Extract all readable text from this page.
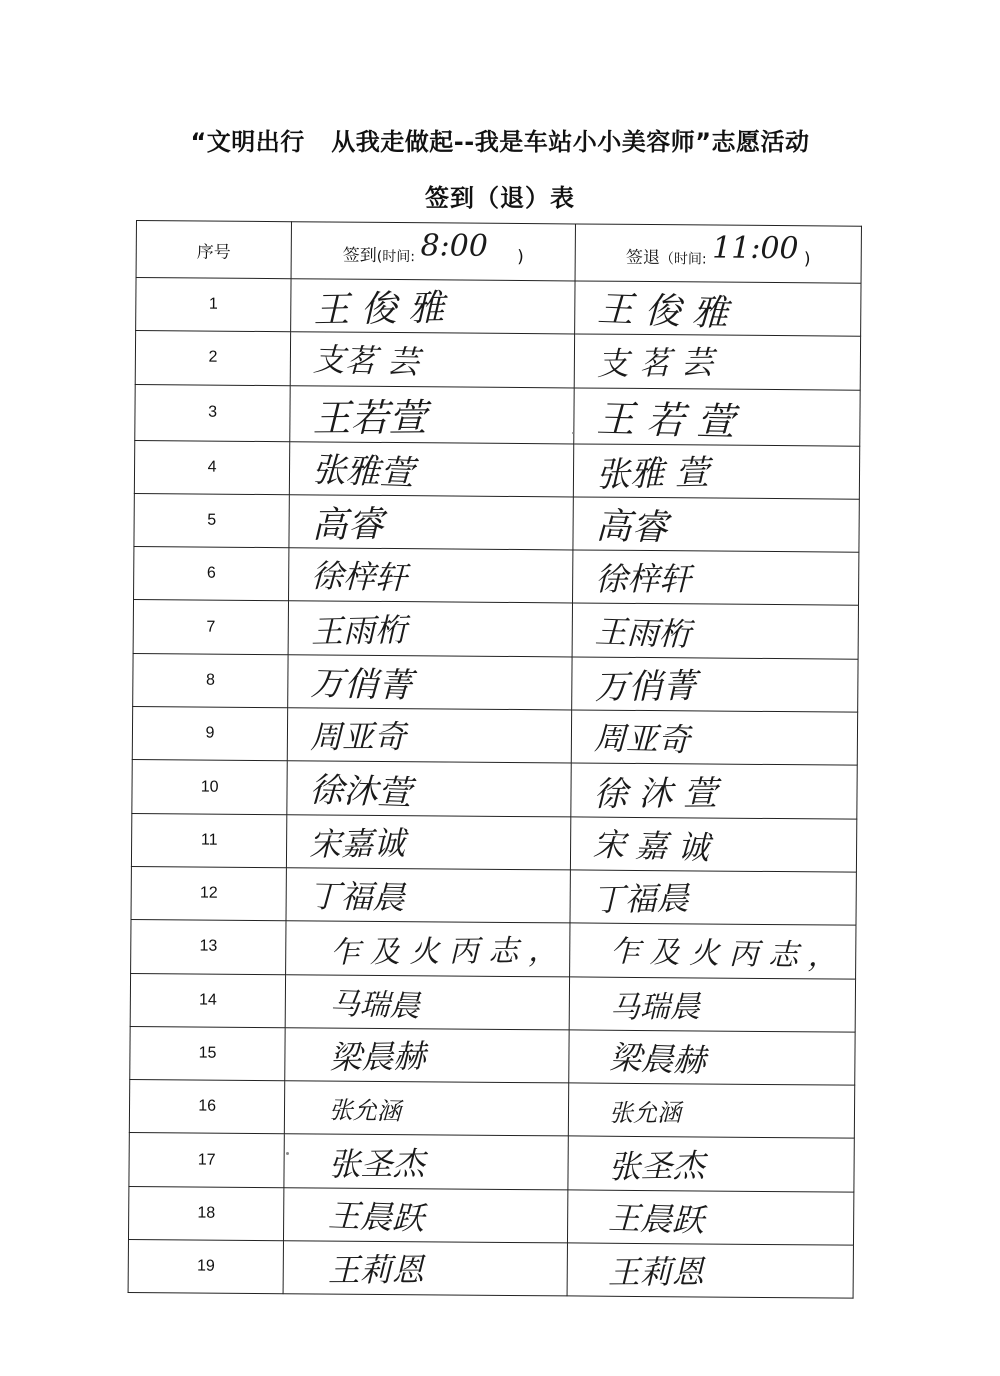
“文明出行   从我走做起--我是车站小小美容师”志愿活动
签到（退）表
序号	签到(时间: 8:00 )	签退（时间: 11:00 )
1	王 俊 雅	王 俊 雅
2	支茗 芸	支 茗 芸
3	王若萱	王 若 萱
4	张雅萱	张雅 萱
5	高睿	高睿
6	徐梓轩	徐梓轩
7	王雨桁	王雨桁
8	万俏菁	万俏菁
9	周亚奇	周亚奇
10	徐沐萱	徐 沐 萱
11	宋嘉诚	宋 嘉 诚
12	丁福晨	丁福晨
13	乍 及 火 丙 志 ，	乍 及 火 丙 志 ，
14	马瑞晨	马瑞晨
15	梁晨赫	梁晨赫
16	张允涵	张允涵
17	张圣杰	张圣杰
18	王晨跃	王晨跃
19	王莉恩	王莉恩
